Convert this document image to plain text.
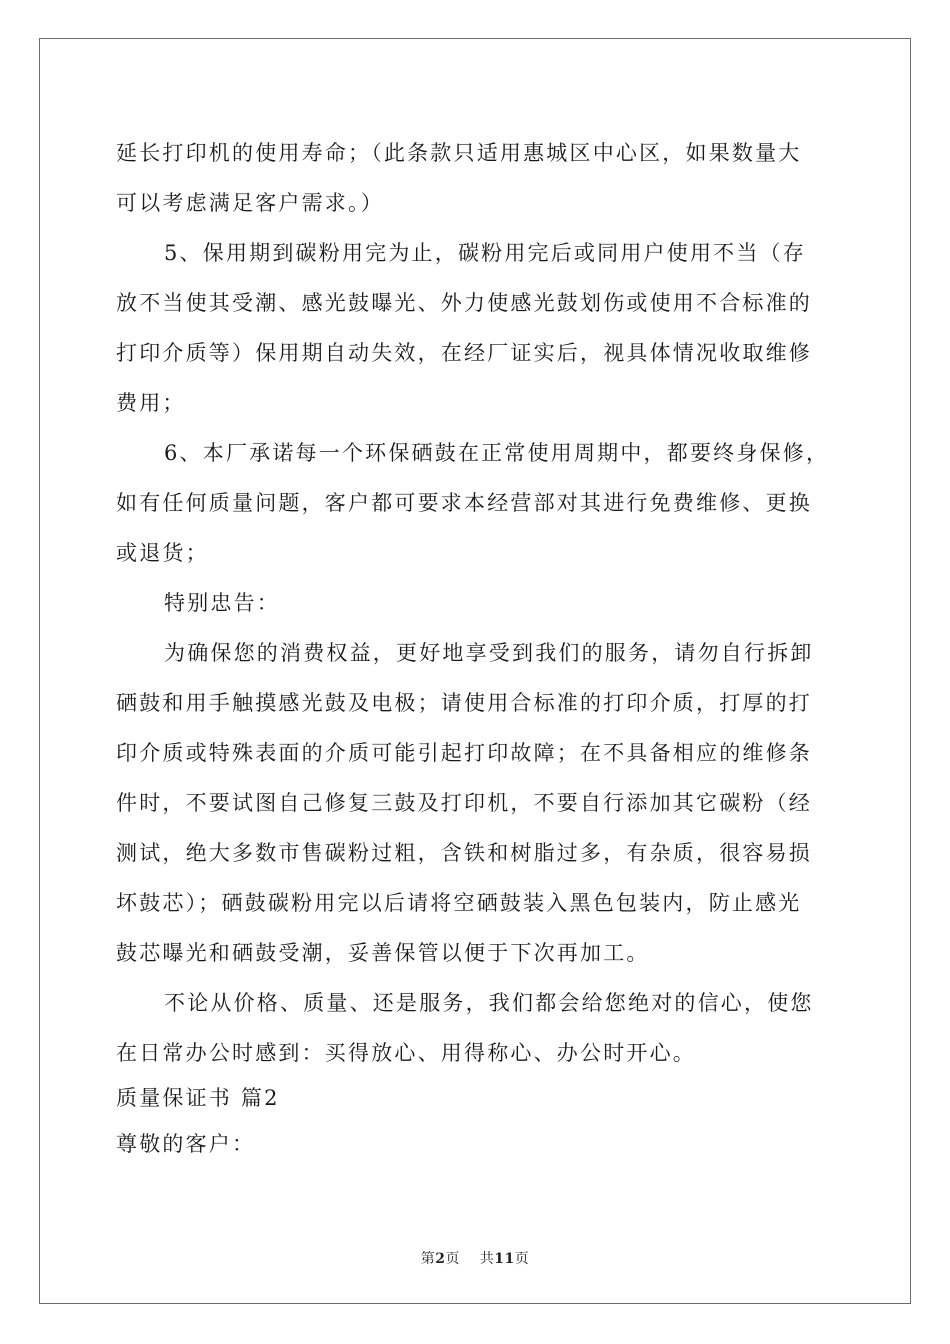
延长打印机的使用寿命；（此条款只适用惠城区中心区，如果数量大
可以考虑满足客户需求。）
5、保用期到碳粉用完为止，碳粉用完后或同用户使用不当（存
放不当使其受潮、感光鼓曝光、外力使感光鼓划伤或使用不合标准的
打印介质等）保用期自动失效，在经厂证实后，视具体情况收取维修
费用；
6、本厂承诺每一个环保硒鼓在正常使用周期中，都要终身保修，
如有任何质量问题，客户都可要求本经营部对其进行免费维修、更换
或退货；
特别忠告：
为确保您的消费权益，更好地享受到我们的服务，请勿自行拆卸
硒鼓和用手触摸感光鼓及电极；请使用合标准的打印介质，打厚的打
印介质或特殊表面的介质可能引起打印故障；在不具备相应的维修条
件时，不要试图自己修复三鼓及打印机，不要自行添加其它碳粉（经
测试，绝大多数市售碳粉过粗，含铁和树脂过多，有杂质，很容易损
坏鼓芯）；硒鼓碳粉用完以后请将空硒鼓装入黑色包装内，防止感光
鼓芯曝光和硒鼓受潮，妥善保管以便于下次再加工。
不论从价格、质量、还是服务，我们都会给您绝对的信心，使您
在日常办公时感到：买得放心、用得称心、办公时开心。
质量保证书 篇2
尊敬的客户：
第2页 共11页
